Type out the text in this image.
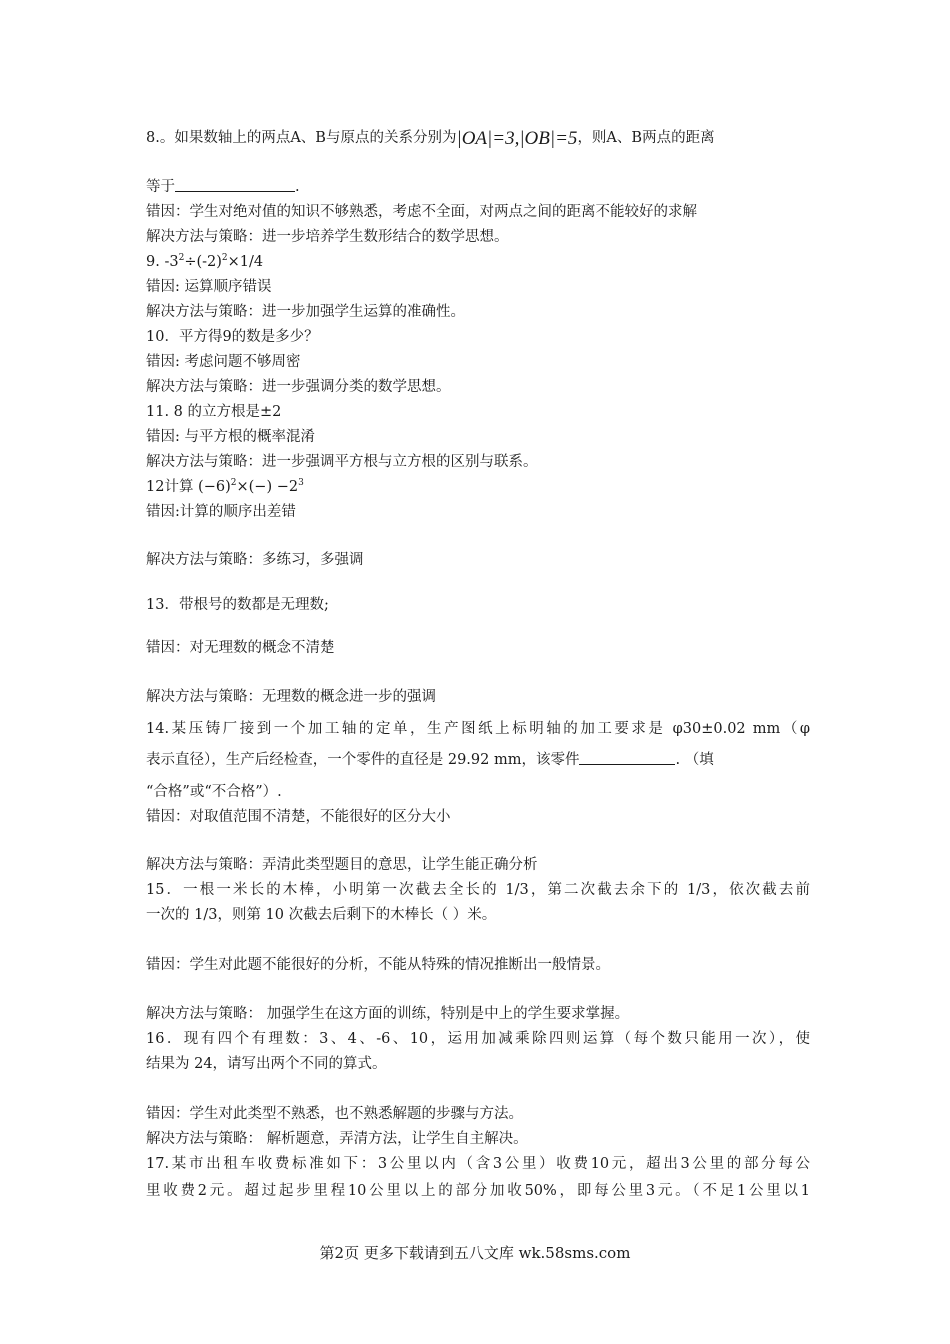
8.。如果数轴上的两点A、B与原点的关系分别为|OA|=3,|OB|=5，则A、B两点的距离
等于	.
错因：学生对绝对值的知识不够熟悉，考虑不全面，对两点之间的距离不能较好的求解
解决方法与策略：进一步培养学生数形结合的数学思想。
9. $-3^2\div(-2)^2\times 1/4$
错因: 运算顺序错误
解决方法与策略：进一步加强学生运算的准确性。
10．平方得9的数是多少？
错因: 考虑问题不够周密
解决方法与策略：进一步强调分类的数学思想。
11. 8 的立方根是±2
错因: 与平方根的概率混淆
解决方法与策略：进一步强调平方根与立方根的区别与联系。
12计算 $(-6)^2\times(-) -2^3$
错因:计算的顺序出差错
解决方法与策略：多练习，多强调
13．带根号的数都是无理数;
错因：对无理数的概念不清楚
解决方法与策略：无理数的概念进一步的强调
14.某压铸厂接到一个加工轴的定单，生产图纸上标明轴的加工要求是 φ30±0.02 mm（φ
表示直径），生产后经检查，一个零件的直径是 29.92 mm，该零件	. （填
“合格”或“不合格”）.
错因：对取值范围不清楚，不能很好的区分大小
解决方法与策略：弄清此类型题目的意思，让学生能正确分析
15．一根一米长的木棒，小明第一次截去全长的 1/3，第二次截去余下的 1/3，依次截去前
一次的 1/3，则第 10 次截去后剩下的木棒长（ ）米。
错因：学生对此题不能很好的分析，不能从特殊的情况推断出一般情景。
解决方法与策略： 加强学生在这方面的训练，特别是中上的学生要求掌握。
16．现有四个有理数：3、4、-6、10，运用加减乘除四则运算（每个数只能用一次），使
结果为 24，请写出两个不同的算式。
错因：学生对此类型不熟悉，也不熟悉解题的步骤与方法。
解决方法与策略： 解析题意，弄清方法，让学生自主解决。
17.某市出租车收费标准如下：3公里以内（含3公里）收费10元，超出3公里的部分每公
里收费2元。超过起步里程10公里以上的部分加收50%，即每公里3元。（不足1公里以1
第2页 更多下载请到五八文库 wk.58sms.com
